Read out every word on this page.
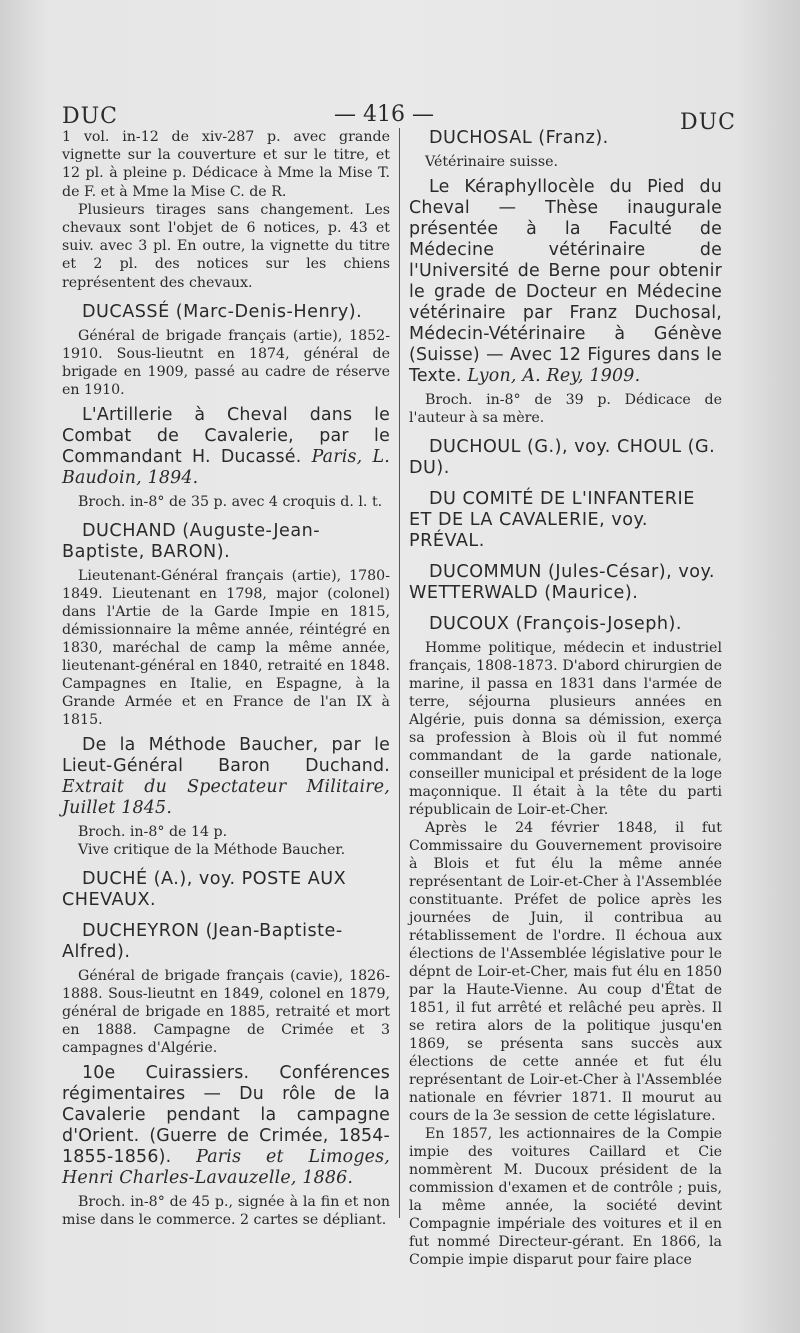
DUC	— 416 —	DUC

1 vol. in-12 de xiv-287 p. avec grande vignette sur la couverture et sur le titre, et 12 pl. à pleine p. Dédicace à Mme la Mise T. de F. et à Mme la Mise C. de R.

Plusieurs tirages sans changement. Les chevaux sont l'objet de 6 notices, p. 43 et suiv. avec 3 pl. En outre, la vignette du titre et 2 pl. des notices sur les chiens représentent des chevaux.

DUCASSÉ (Marc-Denis-Henry).

Général de brigade français (artie), 1852-1910. Sous-lieutnt en 1874, général de brigade en 1909, passé au cadre de réserve en 1910.

L'Artillerie à Cheval dans le Combat de Cavalerie, par le Commandant H. Ducassé. Paris, L. Baudoin, 1894.

Broch. in-8° de 35 p. avec 4 croquis d. l. t.

DUCHAND (Auguste-Jean-Baptiste, BARON).

Lieutenant-Général français (artie), 1780-1849. Lieutenant en 1798, major (colonel) dans l'Artie de la Garde Impie en 1815, démissionnaire la même année, réintégré en 1830, maréchal de camp la même année, lieutenant-général en 1840, retraité en 1848. Campagnes en Italie, en Espagne, à la Grande Armée et en France de l'an IX à 1815.

De la Méthode Baucher, par le Lieut-Général Baron Duchand. Extrait du Spectateur Militaire, Juillet 1845.

Broch. in-8° de 14 p.

Vive critique de la Méthode Baucher.

DUCHÉ (A.), voy. POSTE AUX CHEVAUX.
DUCHEYRON (Jean-Baptiste-Alfred).

Général de brigade français (cavie), 1826-1888. Sous-lieutnt en 1849, colonel en 1879, général de brigade en 1885, retraité et mort en 1888. Campagne de Crimée et 3 campagnes d'Algérie.

10e Cuirassiers. Conférences régimentaires — Du rôle de la Cavalerie pendant la campagne d'Orient. (Guerre de Crimée, 1854-1855-1856). Paris et Limoges, Henri Charles-Lavauzelle, 1886.

Broch. in-8° de 45 p., signée à la fin et non mise dans le commerce. 2 cartes se dépliant.

DUCHOSAL (Franz).

Vétérinaire suisse.

Le Kéraphyllocèle du Pied du Cheval — Thèse inaugurale présentée à la Faculté de Médecine vétérinaire de l'Université de Berne pour obtenir le grade de Docteur en Médecine vétérinaire par Franz Duchosal, Médecin-Vétérinaire à Génève (Suisse) — Avec 12 Figures dans le Texte. Lyon, A. Rey, 1909.

Broch. in-8° de 39 p. Dédicace de l'auteur à sa mère.

DUCHOUL (G.), voy. CHOUL (G. DU).
DU COMITÉ DE L'INFANTERIE ET DE LA CAVALERIE, voy. PRÉVAL.
DUCOMMUN (Jules-César), voy. WETTERWALD (Maurice).
DUCOUX (François-Joseph).

Homme politique, médecin et industriel français, 1808-1873. D'abord chirurgien de marine, il passa en 1831 dans l'armée de terre, séjourna plusieurs années en Algérie, puis donna sa démission, exerça sa profession à Blois où il fut nommé commandant de la garde nationale, conseiller municipal et président de la loge maçonnique. Il était à la tête du parti républicain de Loir-et-Cher.

Après le 24 février 1848, il fut Commissaire du Gouvernement provisoire à Blois et fut élu la même année représentant de Loir-et-Cher à l'Assemblée constituante. Préfet de police après les journées de Juin, il contribua au rétablissement de l'ordre. Il échoua aux élections de l'Assemblée législative pour le dépnt de Loir-et-Cher, mais fut élu en 1850 par la Haute-Vienne. Au coup d'État de 1851, il fut arrêté et relâché peu après. Il se retira alors de la politique jusqu'en 1869, se présenta sans succès aux élections de cette année et fut élu représentant de Loir-et-Cher à l'Assemblée nationale en février 1871. Il mourut au cours de la 3e session de cette législature.

En 1857, les actionnaires de la Compie impie des voitures Caillard et Cie nommèrent M. Ducoux président de la commission d'examen et de contrôle ; puis, la même année, la société devint Compagnie impériale des voitures et il en fut nommé Directeur-gérant. En 1866, la Compie impie disparut pour faire place
